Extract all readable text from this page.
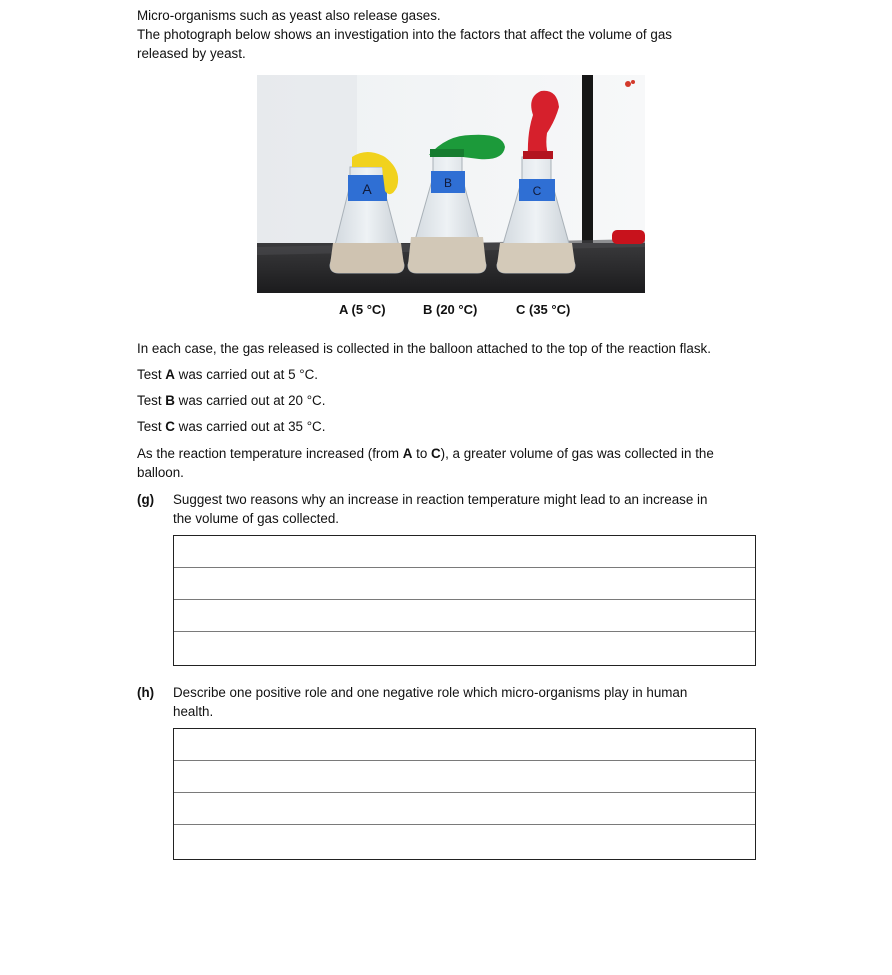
Micro-organisms such as yeast also release gases.

The photograph below shows an investigation into the factors that affect the volume of gas

released by yeast.

A	B
C
A (5 °C)	B (20 °C)	C (35 °C)

In each case, the gas released is collected in the balloon attached to the top of the reaction flask.

Test A was carried out at 5 °C.

Test B was carried out at 20 °C.

Test C was carried out at 35 °C.

As the reaction temperature increased (from A to C), a greater volume of gas was collected in the

balloon.

(g) Suggest two reasons why an increase in reaction temperature might lead to an increase in

the volume of gas collected.

(h) Describe one positive role and one negative role which micro-organisms play in human

health.
